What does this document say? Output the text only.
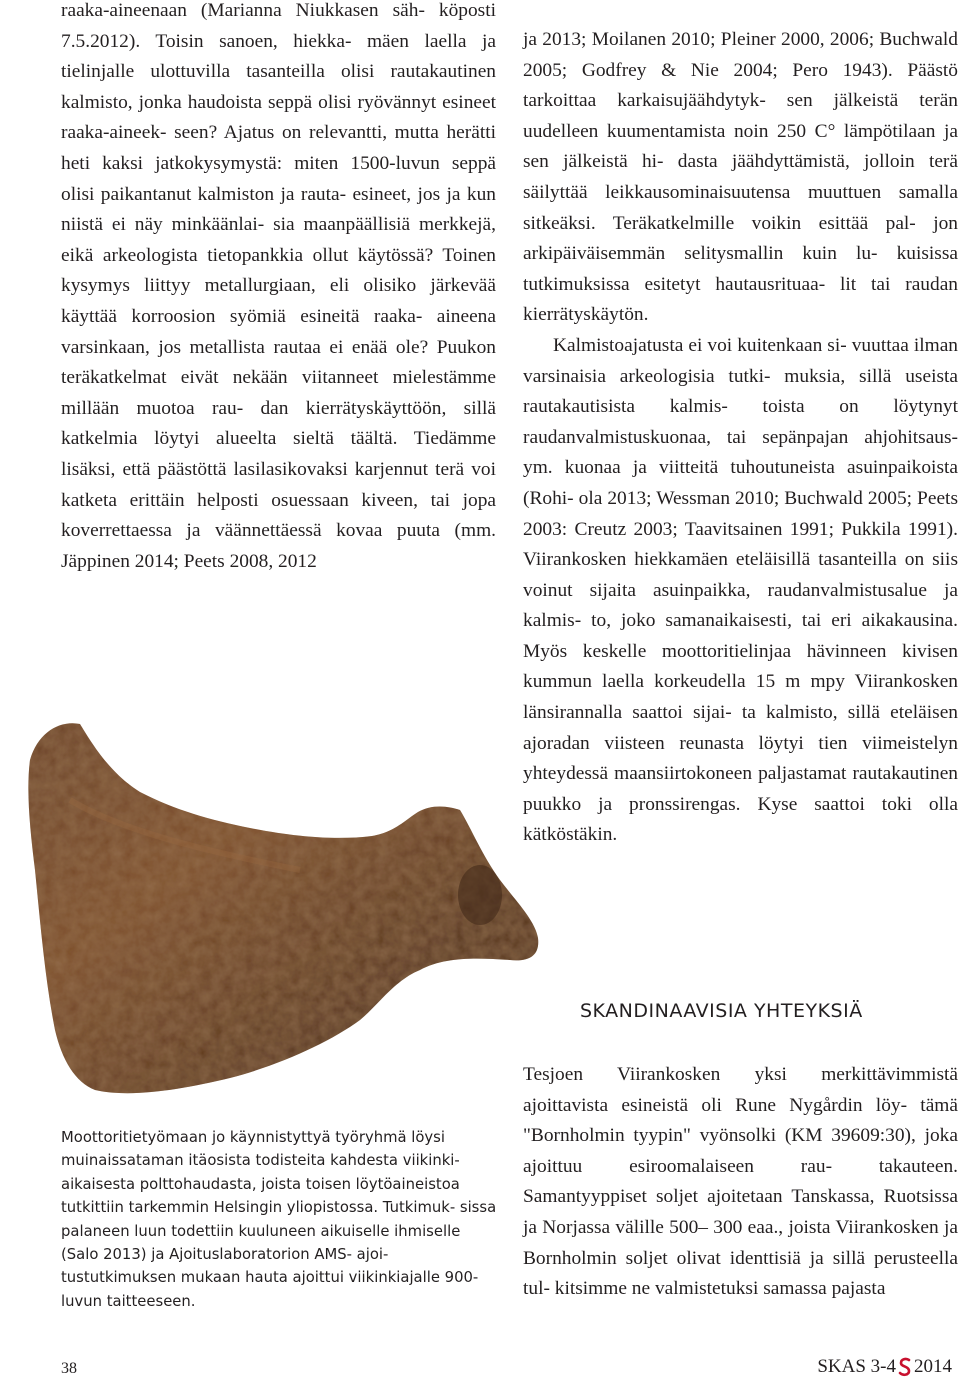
raaka-aineenaan (Marianna Niukkasen säh- köposti 7.5.2012). Toisin sanoen, hiekka- mäen laella ja tielinjalle ulottuvilla tasanteilla olisi rautakautinen kalmisto, jonka haudoista seppä olisi ryövännyt esineet raaka-aineek- seen? Ajatus on relevantti, mutta herätti heti kaksi jatkokysymystä: miten 1500-luvun seppä olisi paikantanut kalmiston ja rauta- esineet, jos ja kun niistä ei näy minkäänlai- sia maanpäällisiä merkkejä, eikä arkeologista tietopankkia ollut käytössä? Toinen kysymys liittyy metallurgiaan, eli olisiko järkevää käyttää korroosion syömiä esineitä raaka- aineena varsinkaan, jos metallista rautaa ei enää ole? Puukon teräkatkelmat eivät nekään viitanneet mielestämme millään muotoa rau- dan kierrätyskäyttöön, sillä katkelmia löytyi alueelta sieltä täältä. Tiedämme lisäksi, että päästöttä lasilasikovaksi karjennut terä voi katketa erittäin helposti osuessaan kiveen, tai jopa koverrettaessa ja väännettäessä kovaa puuta (mm. Jäppinen 2014; Peets 2008, 2012

ja 2013; Moilanen 2010; Pleiner 2000, 2006; Buchwald 2005; Godfrey & Nie 2004; Pero 1943). Päästö tarkoittaa karkaisujäähdytyk- sen jälkeistä terän uudelleen kuumentamista noin 250 C° lämpötilaan ja sen jälkeistä hi- dasta jäähdyttämistä, jolloin terä säilyttää leikkausominaisuutensa muuttuen samalla sitkeäksi. Teräkatkelmille voikin esittää pal- jon arkipäiväisemmän selitysmallin kuin lu- kuisissa tutkimuksissa esitetyt hautausrituaa- lit tai raudan kierrätyskäytön.

Kalmistoajatusta ei voi kuitenkaan si- vuuttaa ilman varsinaisia arkeologisia tutki- muksia, sillä useista rautakautisista kalmis- toista on löytynyt raudanvalmistuskuonaa, tai sepänpajan ahjohitsaus- ym. kuonaa ja viitteitä tuhoutuneista asuinpaikoista (Rohi- ola 2013; Wessman 2010; Buchwald 2005; Peets 2003: Creutz 2003; Taavitsainen 1991; Pukkila 1991). Viirankosken hiekkamäen eteläisillä tasanteilla on siis voinut sijaita asuinpaikka, raudanvalmistusalue ja kalmis- to, joko samanaikaisesti, tai eri aikakausina. Myös keskelle moottoritielinjaa hävinneen kivisen kummun laella korkeudella 15 m mpy Viirankosken länsirannalla saattoi sijai- ta kalmisto, sillä eteläisen ajoradan viisteen reunasta löytyi tien viimeistelyn yhteydessä maansiirtokoneen paljastamat rautakautinen puukko ja pronssirengas. Kyse saattoi toki olla kätköstäkin.

SKANDINAAVISIA YHTEYKSIÄ

Tesjoen Viirankosken yksi merkittävimmistä ajoittavista esineistä oli Rune Nygårdin löy- tämä "Bornholmin tyypin" vyönsolki (KM 39609:30), joka ajoittuu esiroomalaiseen rau- takauteen. Samantyyppiset soljet ajoitetaan Tanskassa, Ruotsissa ja Norjassa välille 500– 300 eaa., joista Viirankosken ja Bornholmin soljet olivat identtisiä ja sillä perusteella tul- kitsimme ne valmistetuksi samassa pajasta

Moottoritietyömaan jo käynnistyttyä työryhmä löysi muinaissataman itäosista todisteita kahdesta viikinki- aikaisesta polttohaudasta, joista toisen löytöaineistoa tutkittiin tarkemmin Helsingin yliopistossa. Tutkimuk- sissa palaneen luun todettiin kuuluneen aikuiselle ihmiselle (Salo 2013) ja Ajoituslaboratorion AMS- ajoi- tustutkimuksen mukaan hauta ajoittui viikinkiajalle 900-luvun taitteeseen.
38	SKAS 3-4 2014
